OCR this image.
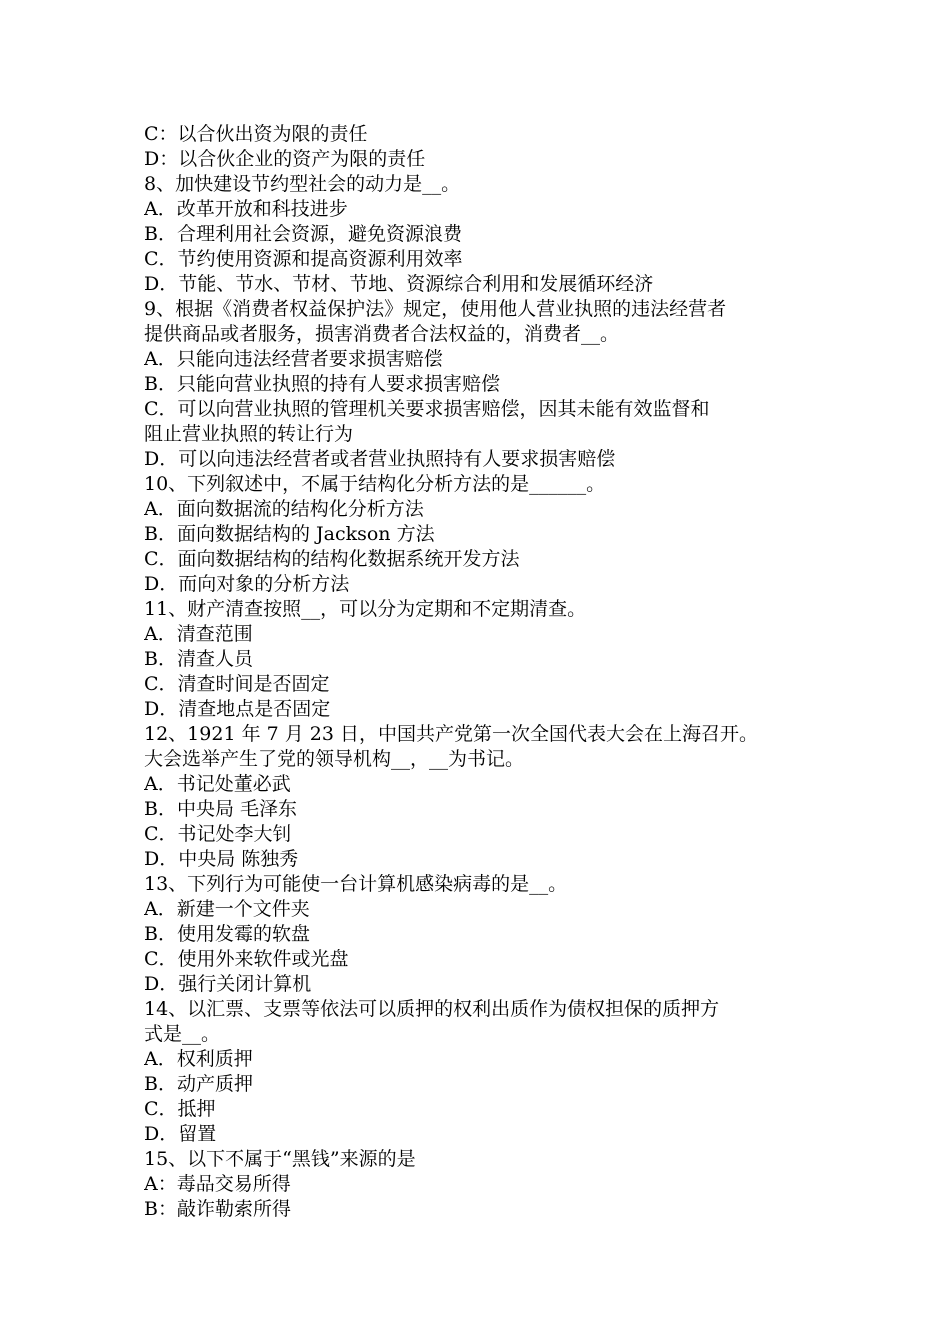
C：以合伙出资为限的责任
D：以合伙企业的资产为限的责任
8、加快建设节约型社会的动力是__。
A．改革开放和科技进步
B．合理利用社会资源，避免资源浪费
C．节约使用资源和提高资源利用效率
D．节能、节水、节材、节地、资源综合利用和发展循环经济
9、根据《消费者权益保护法》规定，使用他人营业执照的违法经营者
提供商品或者服务，损害消费者合法权益的，消费者__。
A．只能向违法经营者要求损害赔偿
B．只能向营业执照的持有人要求损害赔偿
C．可以向营业执照的管理机关要求损害赔偿，因其未能有效监督和
阻止营业执照的转让行为
D．可以向违法经营者或者营业执照持有人要求损害赔偿
10、下列叙述中，不属于结构化分析方法的是______。
A．面向数据流的结构化分析方法
B．面向数据结构的 Jackson 方法
C．面向数据结构的结构化数据系统开发方法
D．而向对象的分析方法
11、财产清查按照__，可以分为定期和不定期清查。
A．清查范围
B．清查人员
C．清查时间是否固定
D．清查地点是否固定
12、1921 年 7 月 23 日，中国共产党第一次全国代表大会在上海召开。
大会选举产生了党的领导机构__，__为书记。
A．书记处董必武
B．中央局 毛泽东
C．书记处李大钊
D．中央局 陈独秀
13、下列行为可能使一台计算机感染病毒的是__。
A．新建一个文件夹
B．使用发霉的软盘
C．使用外来软件或光盘
D．强行关闭计算机
14、以汇票、支票等依法可以质押的权利出质作为债权担保的质押方
式是__。
A．权利质押
B．动产质押
C．抵押
D．留置
15、以下不属于“黑钱”来源的是
A：毒品交易所得
B：敲诈勒索所得
